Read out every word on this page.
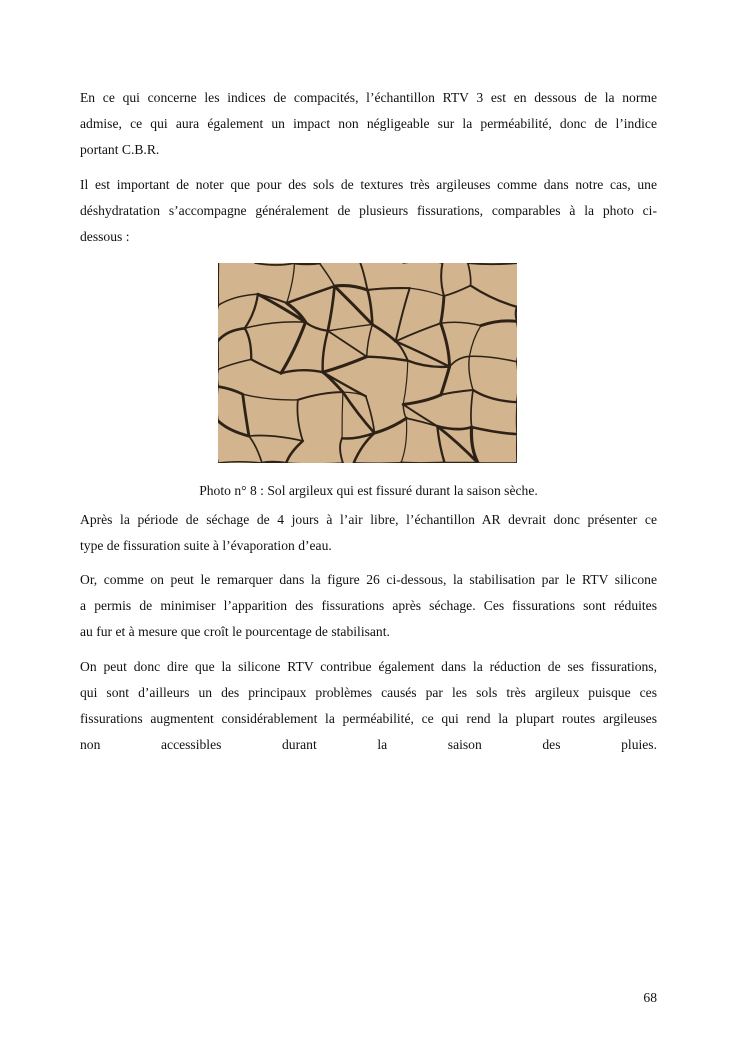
En ce qui concerne les indices de compacités, l’échantillon RTV 3 est en dessous de la norme
admise, ce qui aura également un impact non négligeable sur la perméabilité, donc de l’indice
portant C.B.R.
Il est important de noter que pour des sols de textures très argileuses comme dans notre cas, une
déshydratation s’accompagne généralement de plusieurs fissurations, comparables à la photo ci-
dessous :
Photo n° 8 : Sol argileux qui est fissuré durant la saison sèche.
Après la période de séchage de 4 jours à l’air libre, l’échantillon AR devrait donc présenter ce
type de fissuration suite à l’évaporation d’eau.
Or, comme on peut le remarquer dans la figure 26 ci-dessous, la stabilisation par le RTV silicone
a permis de minimiser l’apparition des fissurations après séchage. Ces fissurations sont réduites
au fur et à mesure que croît le pourcentage de stabilisant.
On peut donc dire que la silicone RTV contribue également dans la réduction de ses fissurations,
qui sont d’ailleurs un des principaux problèmes causés par les sols très argileux puisque ces
fissurations augmentent considérablement la perméabilité, ce qui rend la plupart routes argileuses
non accessibles durant la saison des pluies.
68
